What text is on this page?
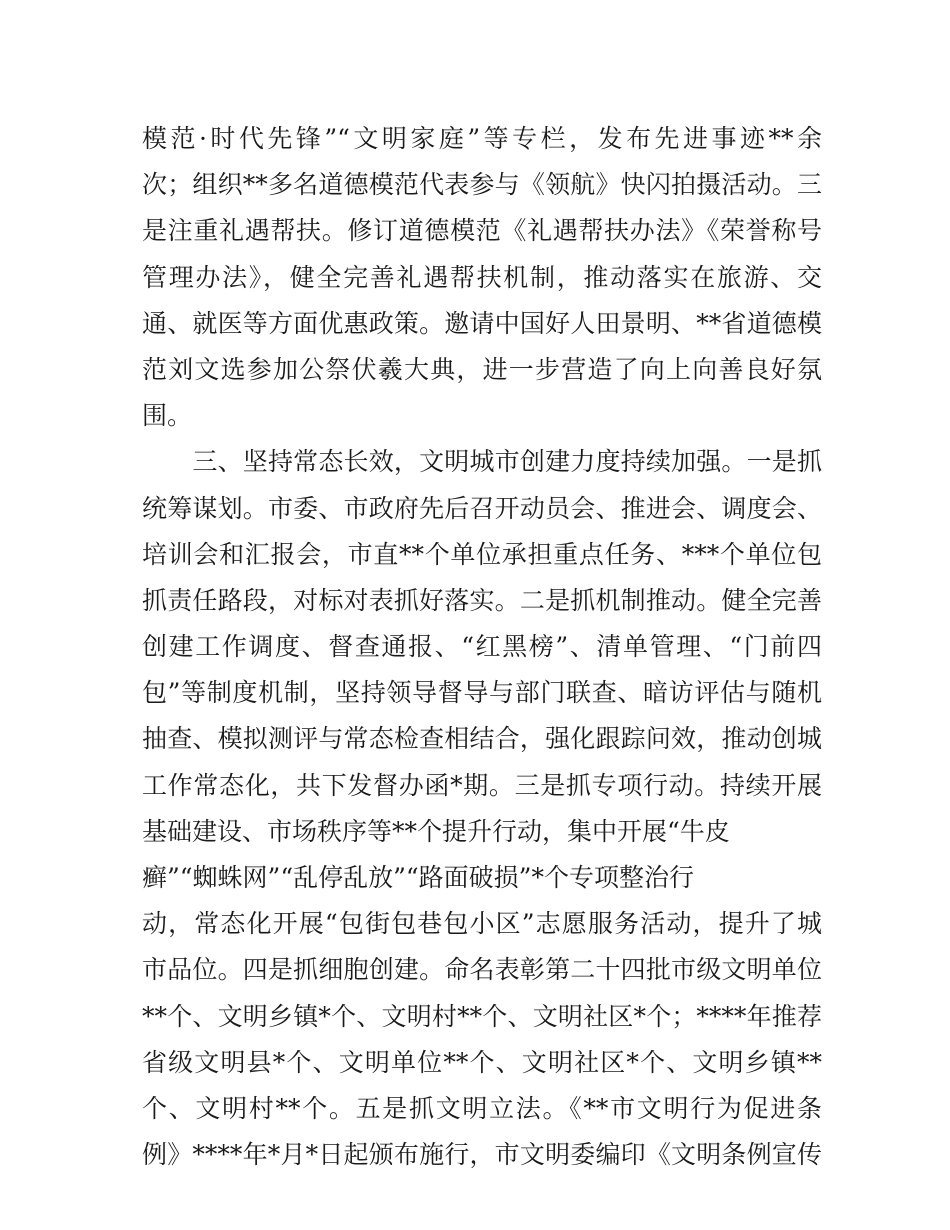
模范·时代先锋”“文明家庭”等专栏，发布先进事迹**余
次；组织**多名道德模范代表参与《领航》快闪拍摄活动。三
是注重礼遇帮扶。修订道德模范《礼遇帮扶办法》《荣誉称号
管理办法》，健全完善礼遇帮扶机制，推动落实在旅游、交
通、就医等方面优惠政策。邀请中国好人田景明、**省道德模
范刘文选参加公祭伏羲大典，进一步营造了向上向善良好氛
围。
　　三、坚持常态长效，文明城市创建力度持续加强。一是抓
统筹谋划。市委、市政府先后召开动员会、推进会、调度会、
培训会和汇报会，市直**个单位承担重点任务、***个单位包
抓责任路段，对标对表抓好落实。二是抓机制推动。健全完善
创建工作调度、督查通报、“红黑榜”、清单管理、“门前四
包”等制度机制，坚持领导督导与部门联查、暗访评估与随机
抽查、模拟测评与常态检查相结合，强化跟踪问效，推动创城
工作常态化，共下发督办函*期。三是抓专项行动。持续开展
基础建设、市场秩序等**个提升行动，集中开展“牛皮
癣”“蜘蛛网”“乱停乱放”“路面破损”*个专项整治行
动，常态化开展“包街包巷包小区”志愿服务活动，提升了城
市品位。四是抓细胞创建。命名表彰第二十四批市级文明单位
**个、文明乡镇*个、文明村**个、文明社区*个；****年推荐
省级文明县*个、文明单位**个、文明社区*个、文明乡镇**
个、文明村**个。五是抓文明立法。《**市文明行为促进条
例》****年*月*日起颁布施行，市文明委编印《文明条例宣传
